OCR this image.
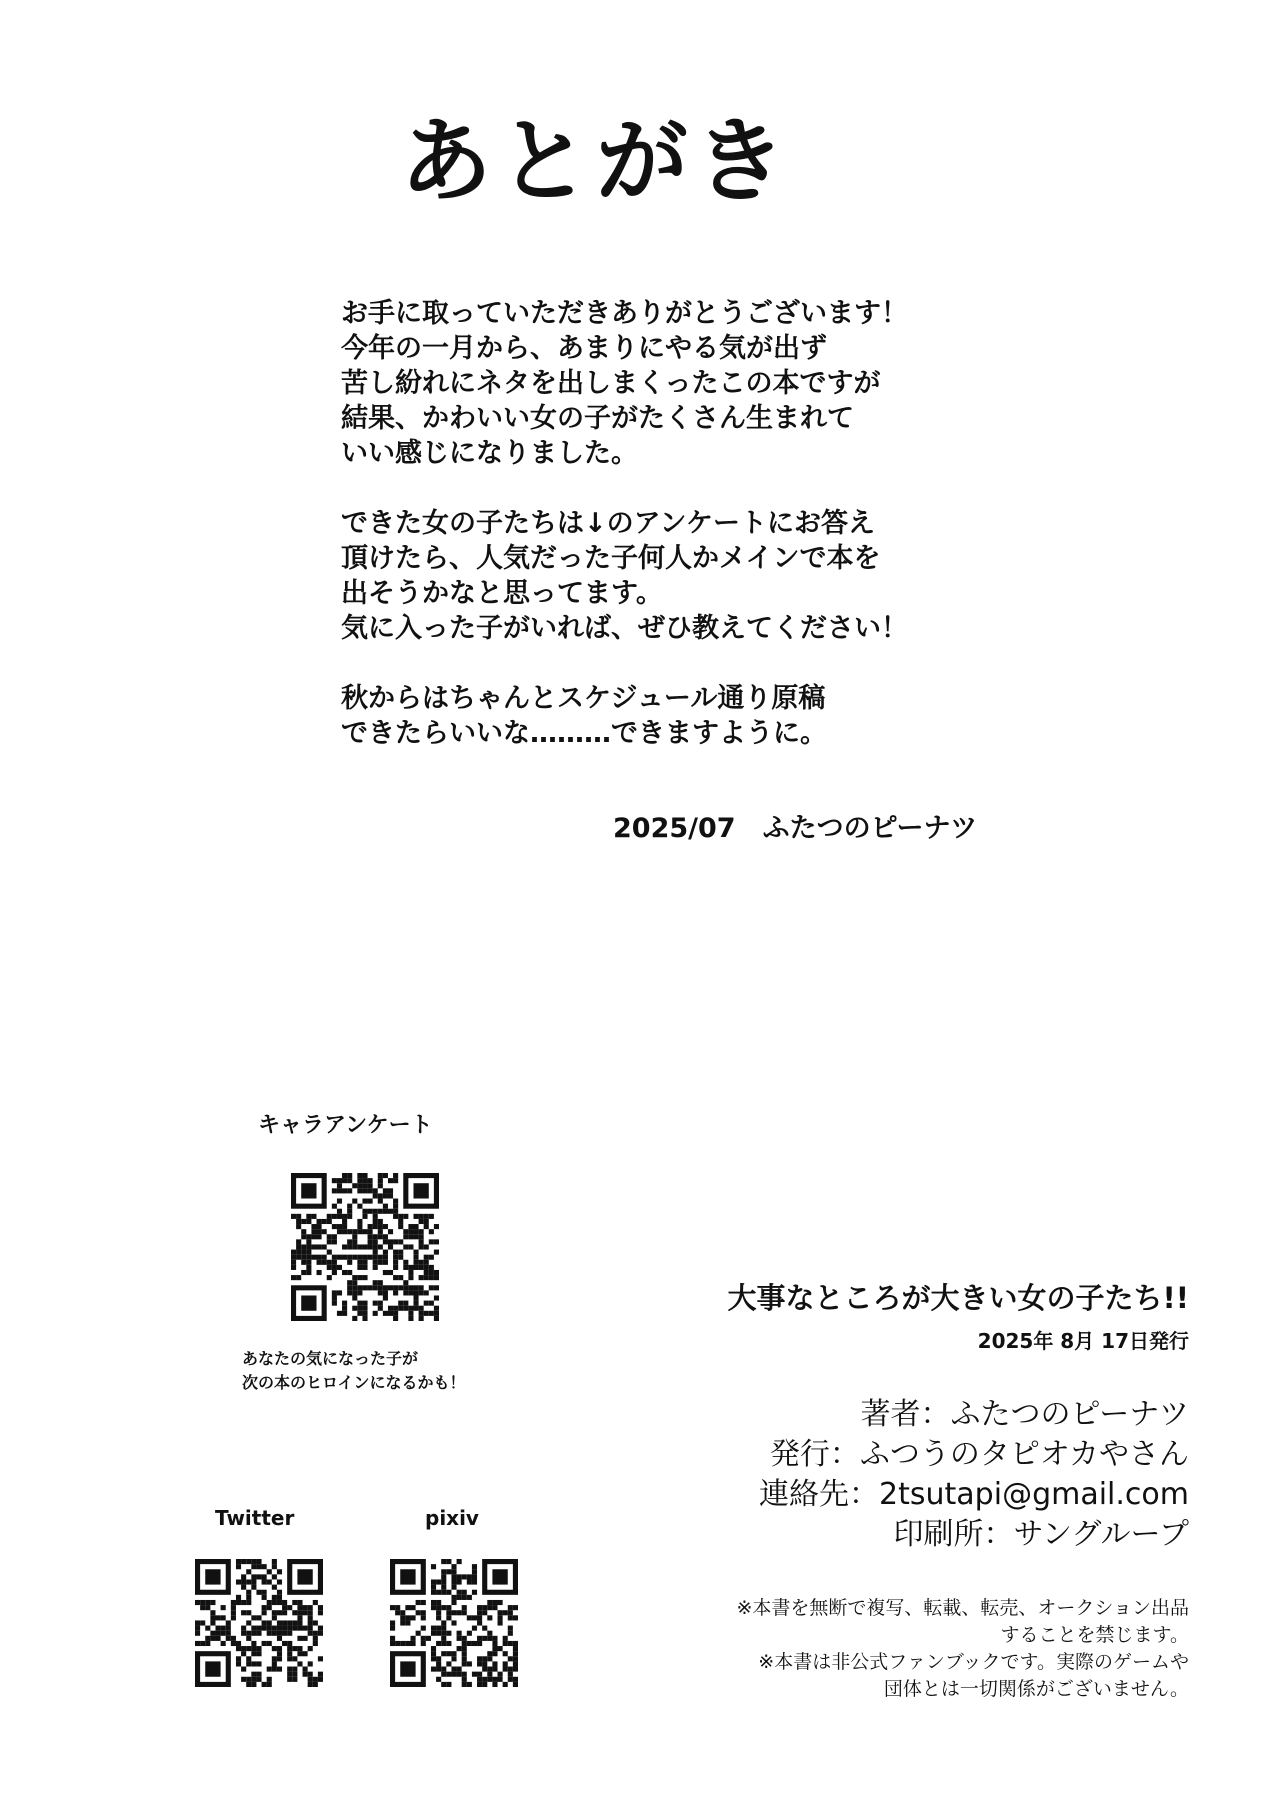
あとがき
お手に取っていただきありがとうございます！
今年の一月から、あまりにやる気が出ず
苦し紛れにネタを出しまくったこの本ですが
結果、かわいい女の子がたくさん生まれて
いい感じになりました。
できた女の子たちは↓のアンケートにお答え
頂けたら、人気だった子何人かメインで本を
出そうかなと思ってます。
気に入った子がいれば、ぜひ教えてください！
秋からはちゃんとスケジュール通り原稿
できたらいいな………できますように。
2025/07　ふたつのピーナツ
キャラアンケート
あなたの気になった子が
次の本のヒロインになるかも！
Twitter	pixiv
大事なところが大きい女の子たち!!
2025年 8月 17日発行
著者：ふたつのピーナツ
発行：ふつうのタピオカやさん
連絡先：2tsutapi@gmail.com
印刷所：サングループ
※本書を無断で複写、転載、転売、オークション出品
することを禁じます。
※本書は非公式ファンブックです。実際のゲームや
団体とは一切関係がございません。
